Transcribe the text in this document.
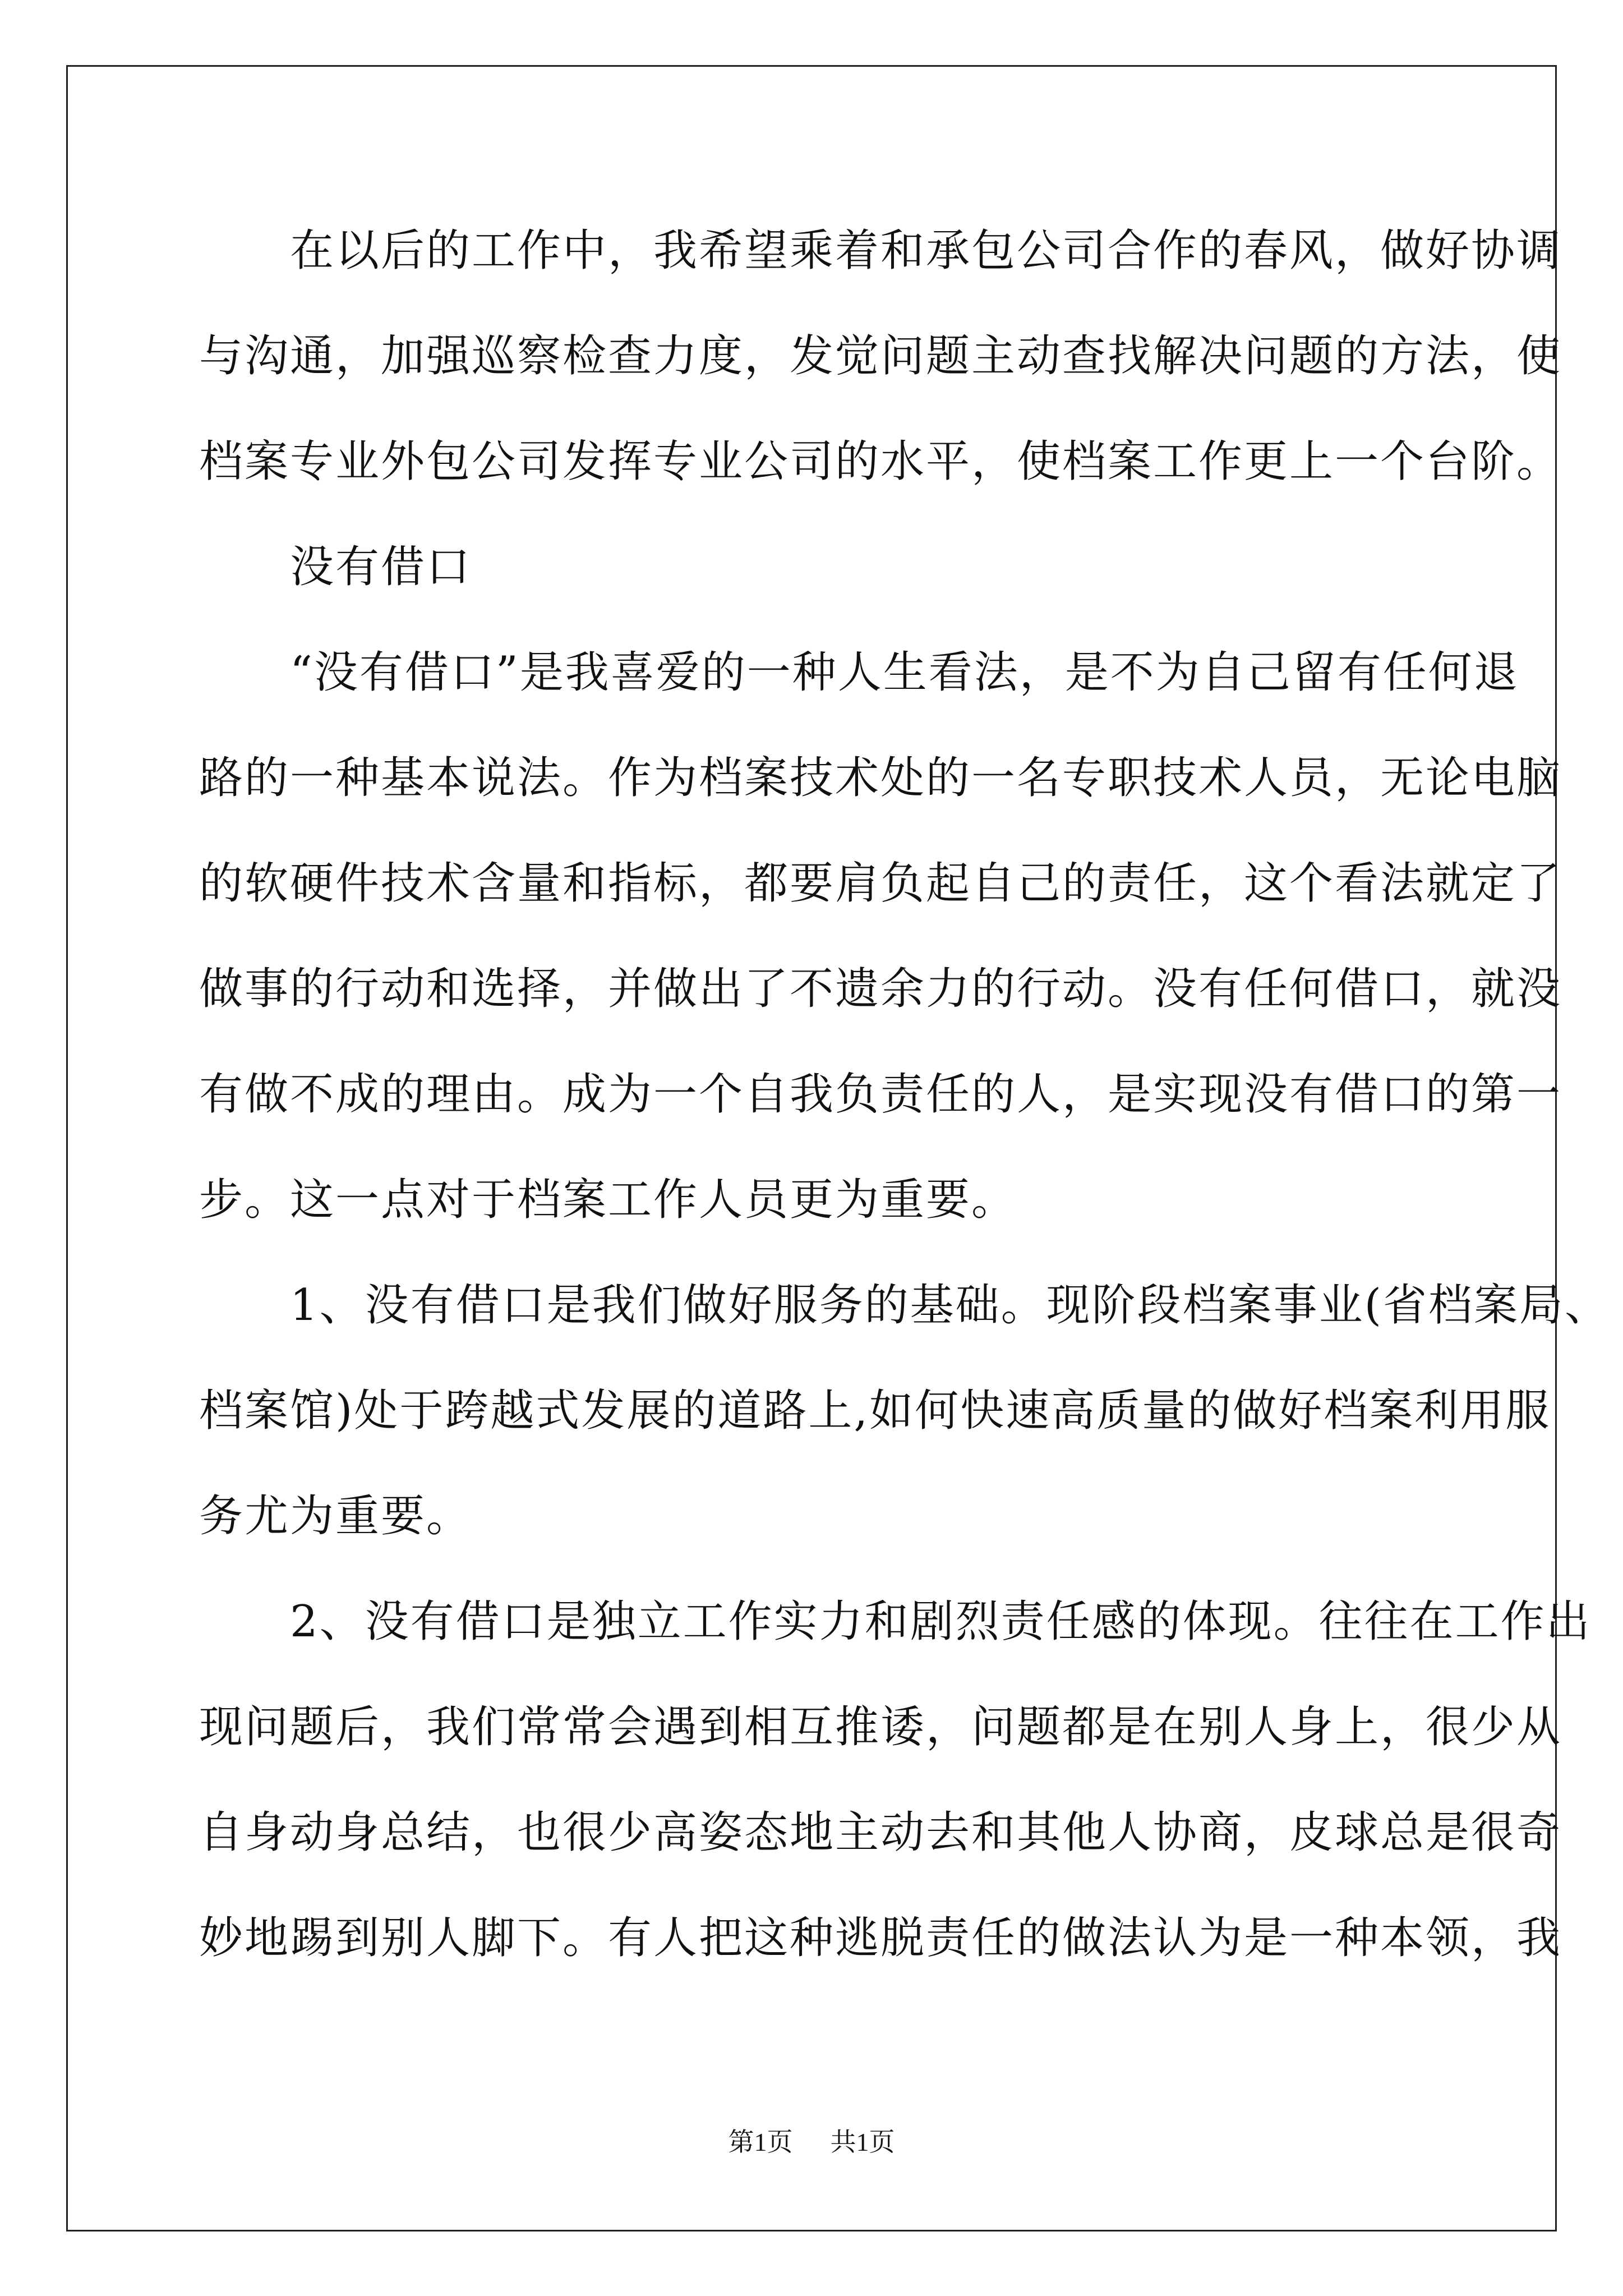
　　在以后的工作中，我希望乘着和承包公司合作的春风，做好协调
与沟通，加强巡察检查力度，发觉问题主动查找解决问题的方法，使
档案专业外包公司发挥专业公司的水平，使档案工作更上一个台阶。
　　没有借口
　　“没有借口”是我喜爱的一种人生看法，是不为自己留有任何退
路的一种基本说法。作为档案技术处的一名专职技术人员，无论电脑
的软硬件技术含量和指标，都要肩负起自己的责任，这个看法就定了
做事的行动和选择，并做出了不遗余力的行动。没有任何借口，就没
有做不成的理由。成为一个自我负责任的人，是实现没有借口的第一
步。这一点对于档案工作人员更为重要。
　　1、没有借口是我们做好服务的基础。现阶段档案事业(省档案局、
档案馆)处于跨越式发展的道路上,如何快速高质量的做好档案利用服
务尤为重要。
　　2、没有借口是独立工作实力和剧烈责任感的体现。往往在工作出
现问题后，我们常常会遇到相互推诿，问题都是在别人身上，很少从
自身动身总结，也很少高姿态地主动去和其他人协商，皮球总是很奇
妙地踢到别人脚下。有人把这种逃脱责任的做法认为是一种本领，我
第1页 共1页
